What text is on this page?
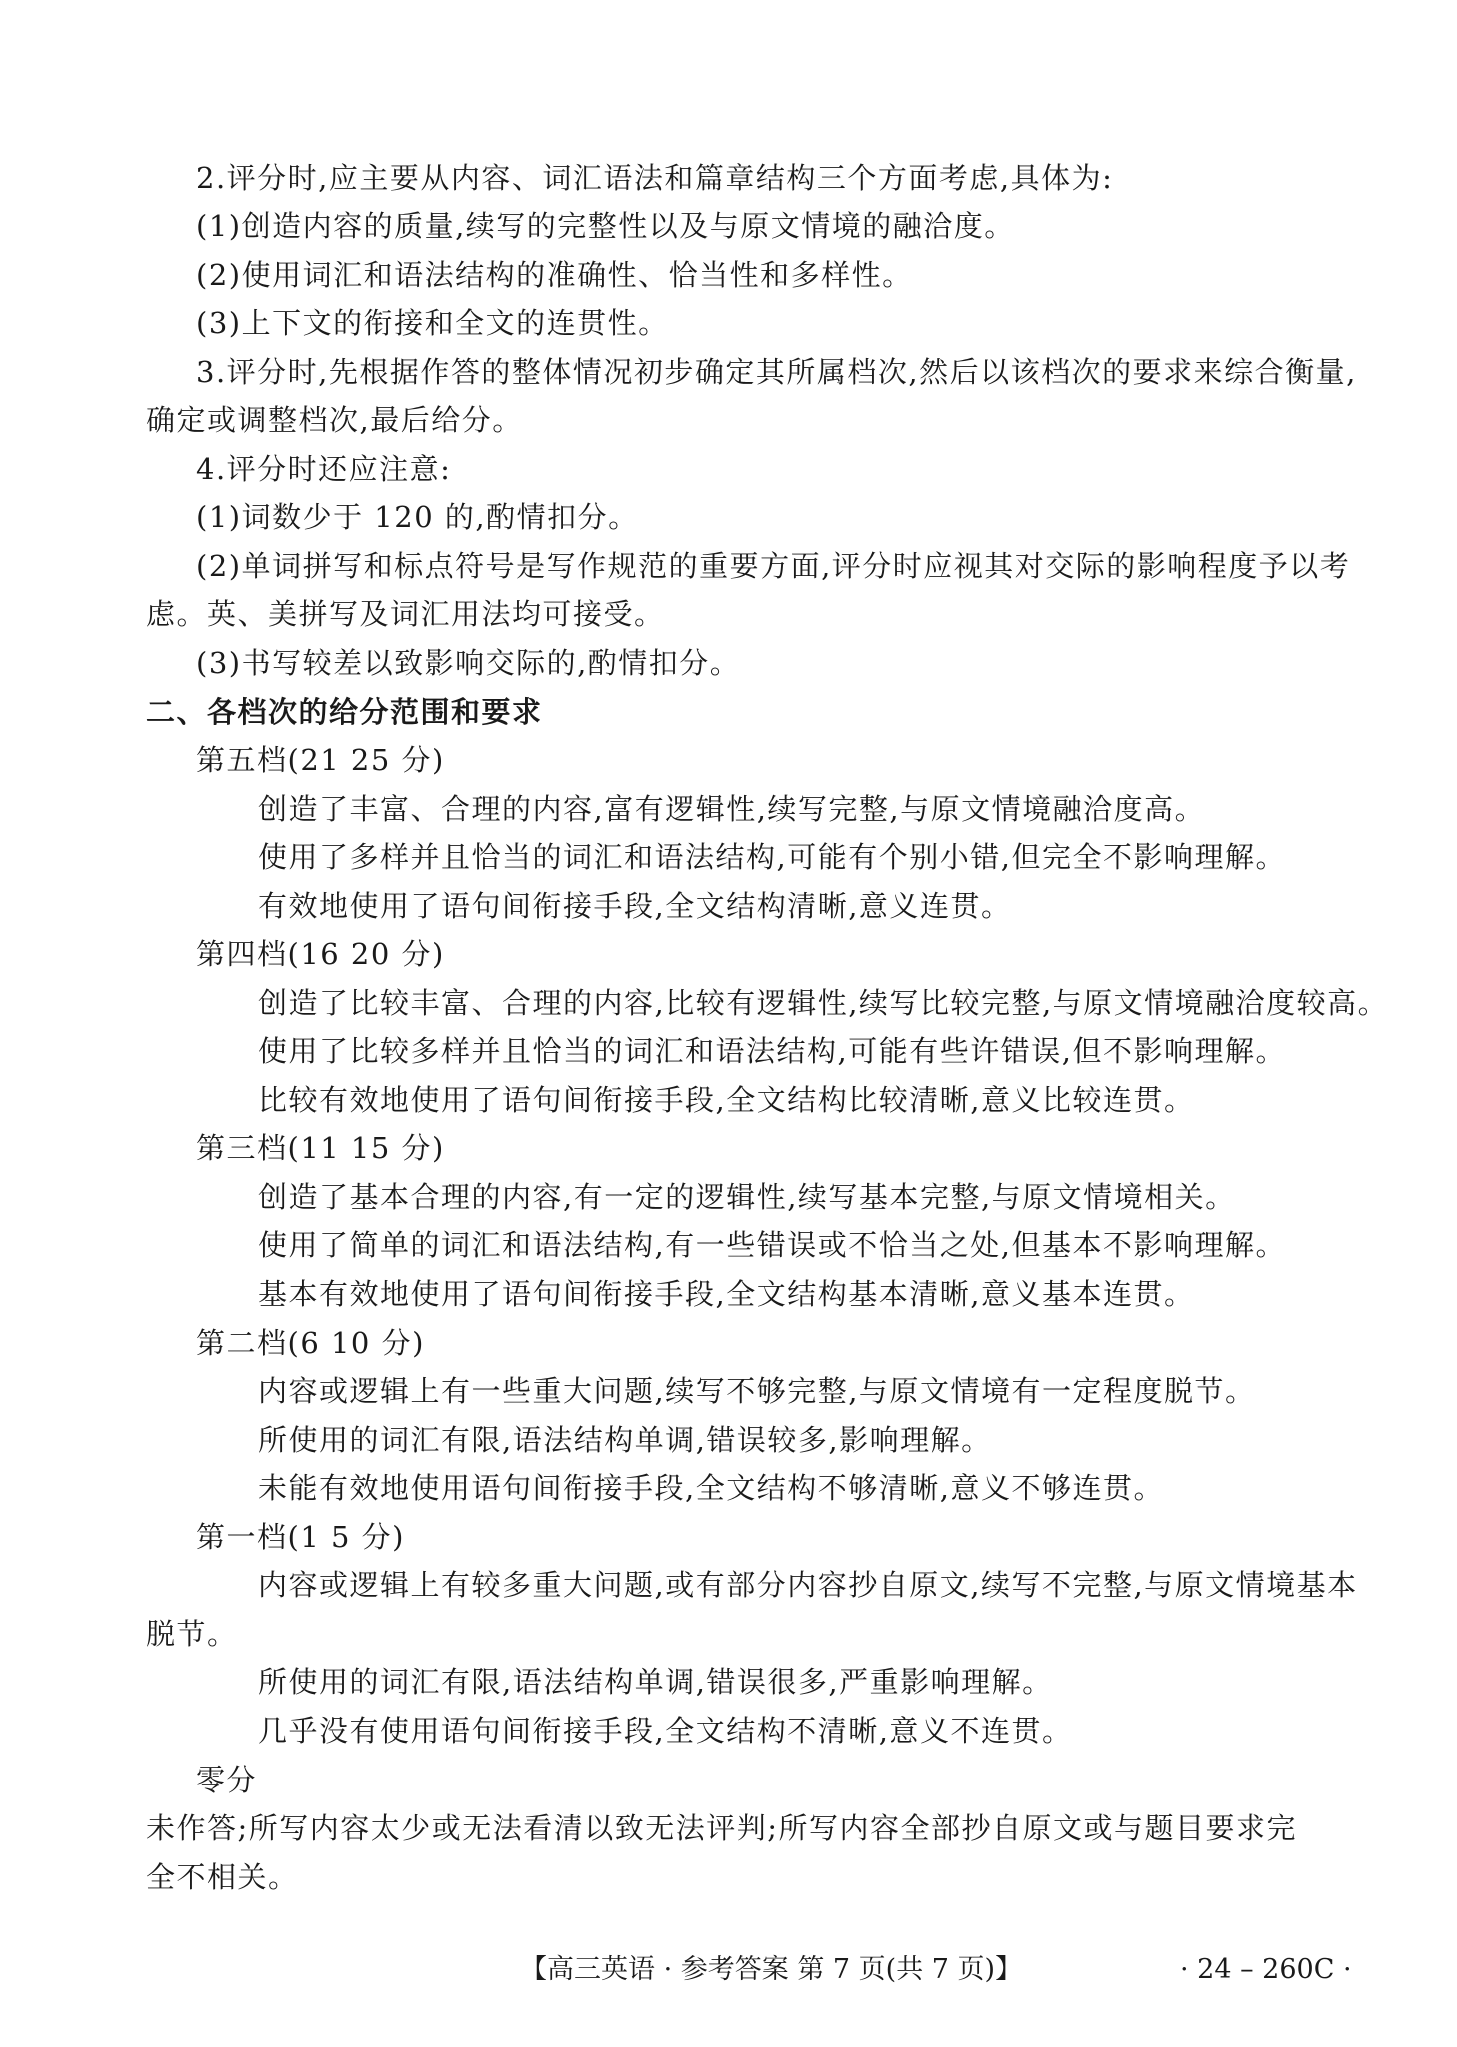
2.评分时,应主要从内容、词汇语法和篇章结构三个方面考虑,具体为:
(1)创造内容的质量,续写的完整性以及与原文情境的融洽度。
(2)使用词汇和语法结构的准确性、恰当性和多样性。
(3)上下文的衔接和全文的连贯性。
3.评分时,先根据作答的整体情况初步确定其所属档次,然后以该档次的要求来综合衡量,
确定或调整档次,最后给分。
4.评分时还应注意:
(1)词数少于 120 的,酌情扣分。
(2)单词拼写和标点符号是写作规范的重要方面,评分时应视其对交际的影响程度予以考
虑。英、美拼写及词汇用法均可接受。
(3)书写较差以致影响交际的,酌情扣分。
二、各档次的给分范围和要求
第五档(21 25 分)
创造了丰富、合理的内容,富有逻辑性,续写完整,与原文情境融洽度高。
使用了多样并且恰当的词汇和语法结构,可能有个别小错,但完全不影响理解。
有效地使用了语句间衔接手段,全文结构清晰,意义连贯。
第四档(16 20 分)
创造了比较丰富、合理的内容,比较有逻辑性,续写比较完整,与原文情境融洽度较高。
使用了比较多样并且恰当的词汇和语法结构,可能有些许错误,但不影响理解。
比较有效地使用了语句间衔接手段,全文结构比较清晰,意义比较连贯。
第三档(11 15 分)
创造了基本合理的内容,有一定的逻辑性,续写基本完整,与原文情境相关。
使用了简单的词汇和语法结构,有一些错误或不恰当之处,但基本不影响理解。
基本有效地使用了语句间衔接手段,全文结构基本清晰,意义基本连贯。
第二档(6 10 分)
内容或逻辑上有一些重大问题,续写不够完整,与原文情境有一定程度脱节。
所使用的词汇有限,语法结构单调,错误较多,影响理解。
未能有效地使用语句间衔接手段,全文结构不够清晰,意义不够连贯。
第一档(1 5 分)
内容或逻辑上有较多重大问题,或有部分内容抄自原文,续写不完整,与原文情境基本
脱节。
所使用的词汇有限,语法结构单调,错误很多,严重影响理解。
几乎没有使用语句间衔接手段,全文结构不清晰,意义不连贯。
零分
未作答;所写内容太少或无法看清以致无法评判;所写内容全部抄自原文或与题目要求完
全不相关。
【高三英语 · 参考答案 第 7 页(共 7 页)】	· 24 – 260C ·
